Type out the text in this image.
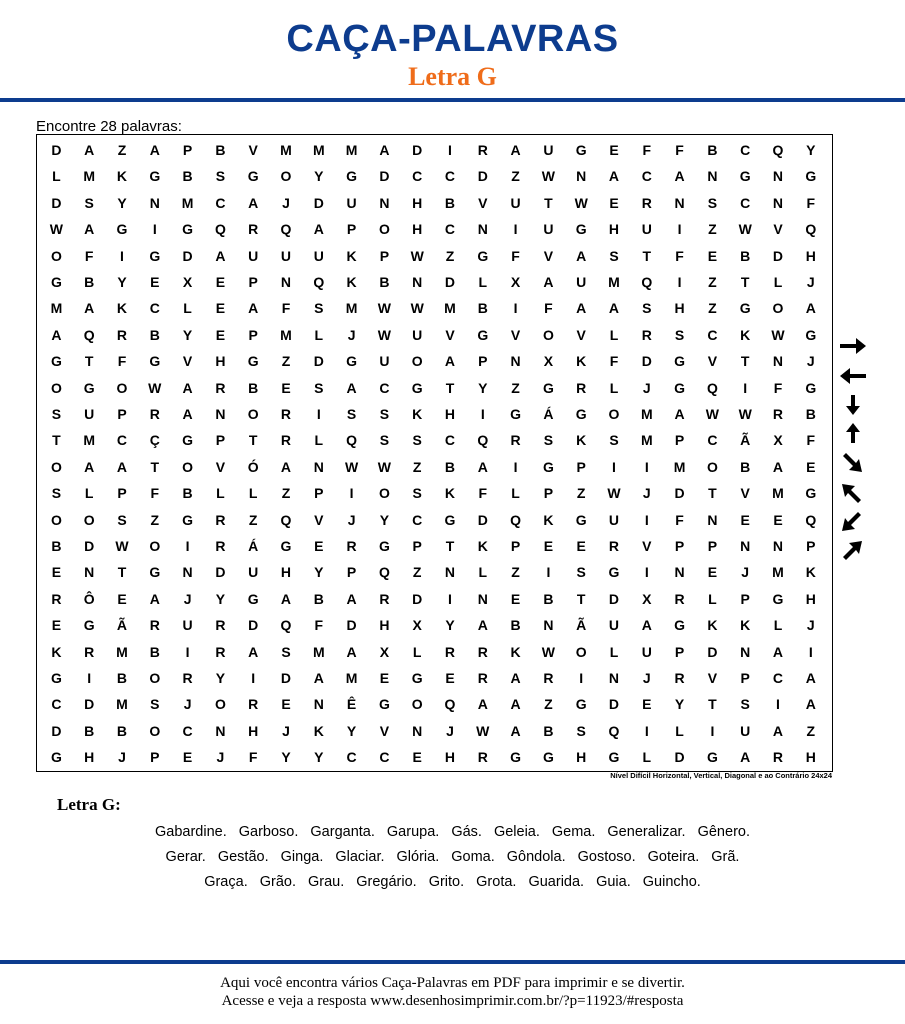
CAÇA-PALAVRAS
Letra G
Encontre 28 palavras:
D	A	Z	A	P	B	V	M	M	M	A	D	I	R	A	U	G	E	F	F	B	C	Q	Y
L	M	K	G	B	S	G	O	Y	G	D	C	C	D	Z	W	N	A	C	A	N	G	N	G
D	S	Y	N	M	C	A	J	D	U	N	H	B	V	U	T	W	E	R	N	S	C	N	F
W	A	G	I	G	Q	R	Q	A	P	O	H	C	N	I	U	G	H	U	I	Z	W	V	Q
O	F	I	G	D	A	U	U	U	K	P	W	Z	G	F	V	A	S	T	F	E	B	D	H
G	B	Y	E	X	E	P	N	Q	K	B	N	D	L	X	A	U	M	Q	I	Z	T	L	J
M	A	K	C	L	E	A	F	S	M	W	W	M	B	I	F	A	A	S	H	Z	G	O	A
A	Q	R	B	Y	E	P	M	L	J	W	U	V	G	V	O	V	L	R	S	C	K	W	G
G	T	F	G	V	H	G	Z	D	G	U	O	A	P	N	X	K	F	D	G	V	T	N	J
O	G	O	W	A	R	B	E	S	A	C	G	T	Y	Z	G	R	L	J	G	Q	I	F	G
S	U	P	R	A	N	O	R	I	S	S	K	H	I	G	Á	G	O	M	A	W	W	R	B
T	M	C	Ç	G	P	T	R	L	Q	S	S	C	Q	R	S	K	S	M	P	C	Ã	X	F
O	A	A	T	O	V	Ó	A	N	W	W	Z	B	A	I	G	P	I	I	M	O	B	A	E
S	L	P	F	B	L	L	Z	P	I	O	S	K	F	L	P	Z	W	J	D	T	V	M	G
O	O	S	Z	G	R	Z	Q	V	J	Y	C	G	D	Q	K	G	U	I	F	N	E	E	Q
B	D	W	O	I	R	Á	G	E	R	G	P	T	K	P	E	E	R	V	P	P	N	N	P
E	N	T	G	N	D	U	H	Y	P	Q	Z	N	L	Z	I	S	G	I	N	E	J	M	K
R	Ô	E	A	J	Y	G	A	B	A	R	D	I	N	E	B	T	D	X	R	L	P	G	H
E	G	Ã	R	U	R	D	Q	F	D	H	X	Y	A	B	N	Ã	U	A	G	K	K	L	J
K	R	M	B	I	R	A	S	M	A	X	L	R	R	K	W	O	L	U	P	D	N	A	I
G	I	B	O	R	Y	I	D	A	M	E	G	E	R	A	R	I	N	J	R	V	P	C	A
C	D	M	S	J	O	R	E	N	Ê	G	O	Q	A	A	Z	G	D	E	Y	T	S	I	A
D	B	B	O	C	N	H	J	K	Y	V	N	J	W	A	B	S	Q	I	L	I	U	A	Z
G	H	J	P	E	J	F	Y	Y	C	C	E	H	R	G	G	H	G	L	D	G	A	R	H
Nível Difícil Horizontal, Vertical, Diagonal e ao Contrário 24x24
Letra G:
Gabardine. Garboso. Garganta. Garupa. Gás. Geleia. Gema. Generalizar. Gênero.
Gerar. Gestão. Ginga. Glaciar. Glória. Goma. Gôndola. Gostoso. Goteira. Grã.
Graça. Grão. Grau. Gregário. Grito. Grota. Guarida. Guia. Guincho.
Aqui você encontra vários Caça-Palavras em PDF para imprimir e se divertir.
Acesse e veja a resposta www.desenhosimprimir.com.br/?p=11923/#resposta
